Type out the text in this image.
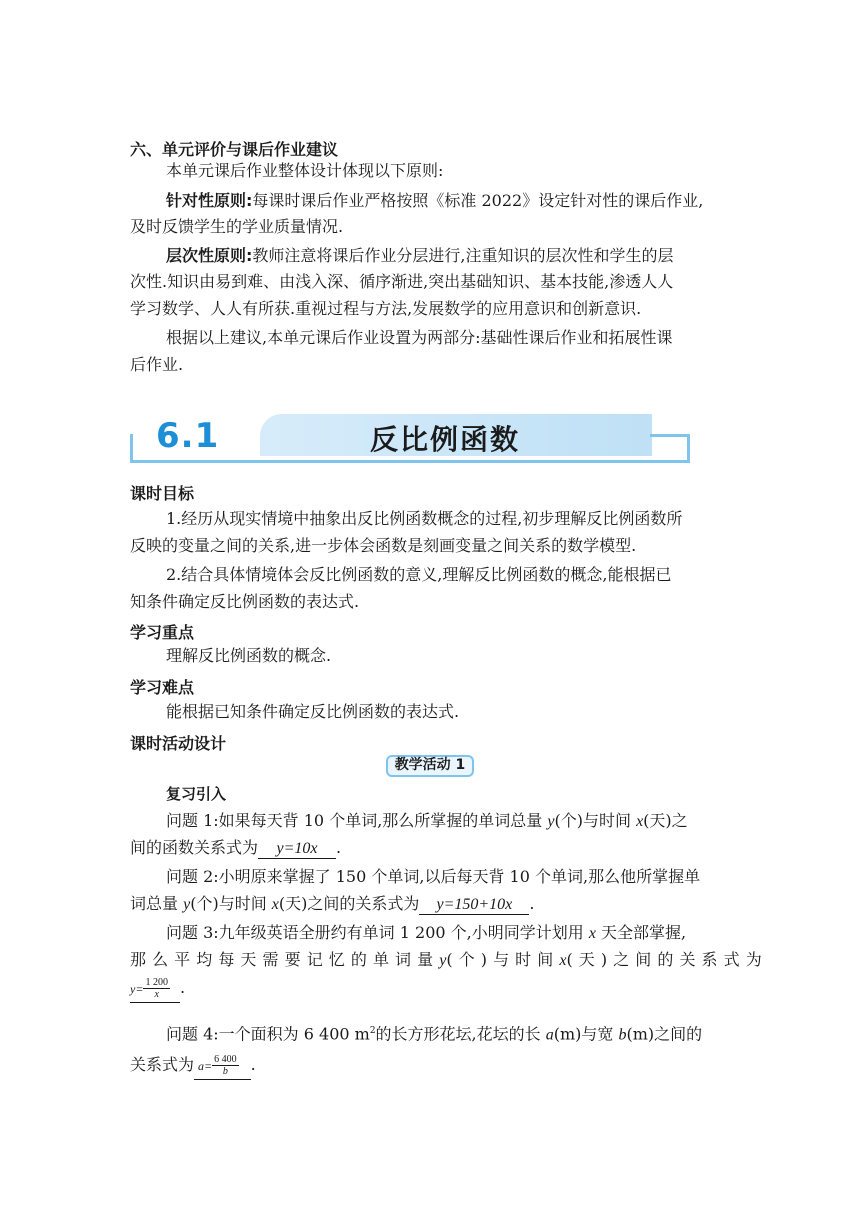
六、单元评价与课后作业建议
本单元课后作业整体设计体现以下原则:
针对性原则:每课时课后作业严格按照《标准 2022》设定针对性的课后作业,
及时反馈学生的学业质量情况.
层次性原则:教师注意将课后作业分层进行,注重知识的层次性和学生的层
次性.知识由易到难、由浅入深、循序渐进,突出基础知识、基本技能,渗透人人
学习数学、人人有所获.重视过程与方法,发展数学的应用意识和创新意识.
根据以上建议,本单元课后作业设置为两部分:基础性课后作业和拓展性课
后作业.
6.1	反比例函数
课时目标
1.经历从现实情境中抽象出反比例函数概念的过程,初步理解反比例函数所
反映的变量之间的关系,进一步体会函数是刻画变量之间关系的数学模型.
2.结合具体情境体会反比例函数的意义,理解反比例函数的概念,能根据已
知条件确定反比例函数的表达式.
学习重点
理解反比例函数的概念.
学习难点
能根据已知条件确定反比例函数的表达式.
课时活动设计
教学活动 1
复习引入
问题 1:如果每天背 10 个单词,那么所掌握的单词总量 y(个)与时间 x(天)之
间的函数关系式为 y=10x .
问题 2:小明原来掌握了 150 个单词,以后每天背 10 个单词,那么他所掌握单
词总量 y(个)与时间 x(天)之间的关系式为 y=150+10x .
问题 3:九年级英语全册约有单词 1 200 个,小明同学计划用 x 天全部掌握,
那 么 平 均 每 天 需 要 记 忆 的 单 词 量 y( 个 ) 与 时 间 x( 天 ) 之 间 的 关 系 式 为
$y= \frac{1 200}{x}$ .
问题 4:一个面积为 6 400 $m^2$的长方形花坛,花坛的长 a(m)与宽 b(m)之间的
关系式为 $a= \frac{6 400}{b}$ .
